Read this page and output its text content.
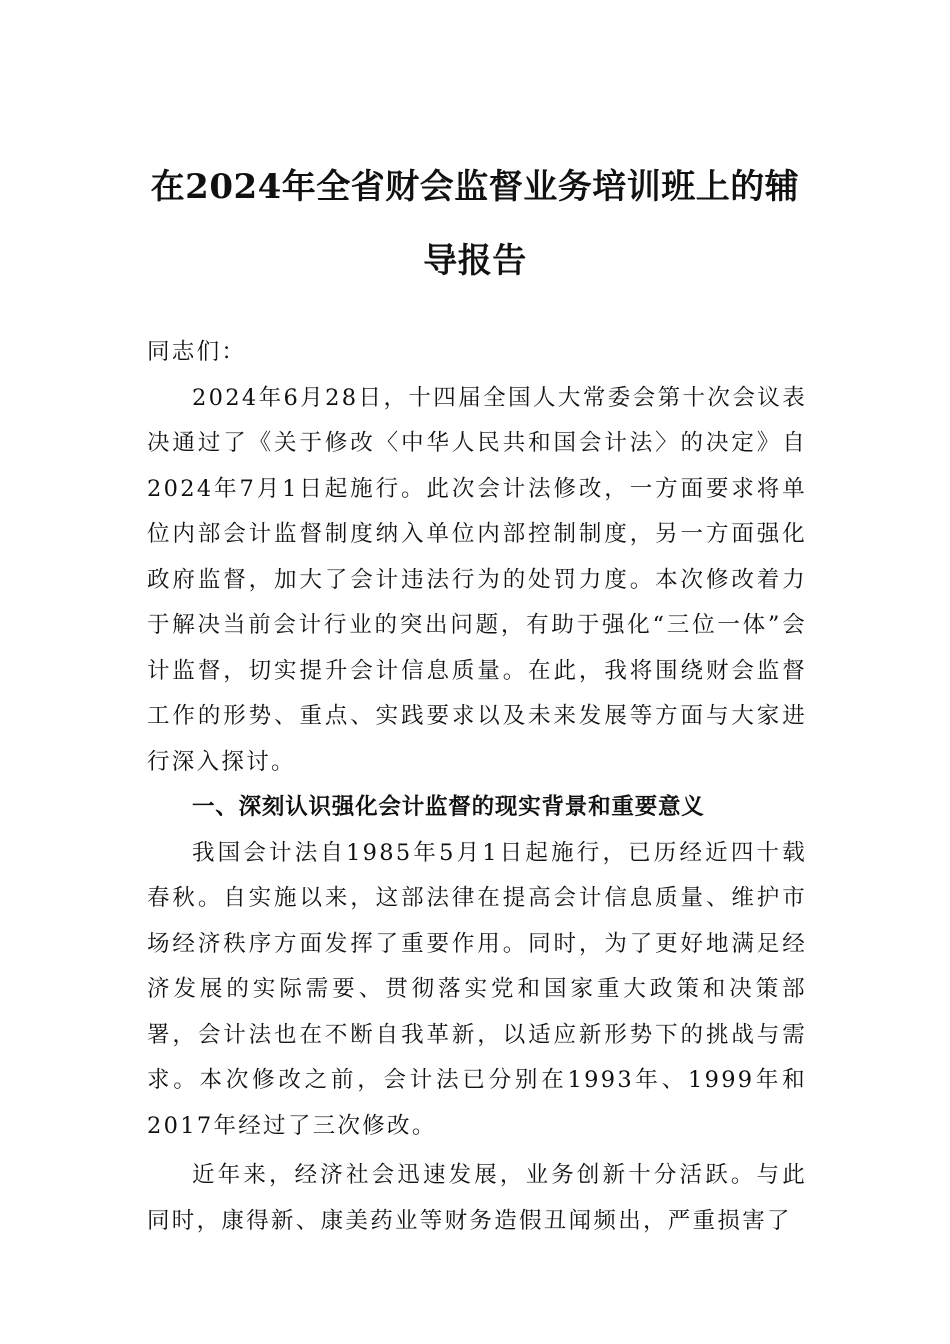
在2024年全省财会监督业务培训班上的辅导报告

同志们：

2024年6月28日，十四届全国人大常委会第十次会议表决通过了《关于修改〈中华人民共和国会计法〉的决定》自2024年7月1日起施行。此次会计法修改，一方面要求将单位内部会计监督制度纳入单位内部控制制度，另一方面强化政府监督，加大了会计违法行为的处罚力度。本次修改着力于解决当前会计行业的突出问题，有助于强化“三位一体”会计监督，切实提升会计信息质量。在此，我将围绕财会监督工作的形势、重点、实践要求以及未来发展等方面与大家进行深入探讨。

一、深刻认识强化会计监督的现实背景和重要意义

我国会计法自1985年5月1日起施行，已历经近四十载春秋。自实施以来，这部法律在提高会计信息质量、维护市场经济秩序方面发挥了重要作用。同时，为了更好地满足经济发展的实际需要、贯彻落实党和国家重大政策和决策部署，会计法也在不断自我革新，以适应新形势下的挑战与需求。本次修改之前，会计法已分别在1993年、1999年和2017年经过了三次修改。

近年来，经济社会迅速发展，业务创新十分活跃。与此同时，康得新、康美药业等财务造假丑闻频出，严重损害了
